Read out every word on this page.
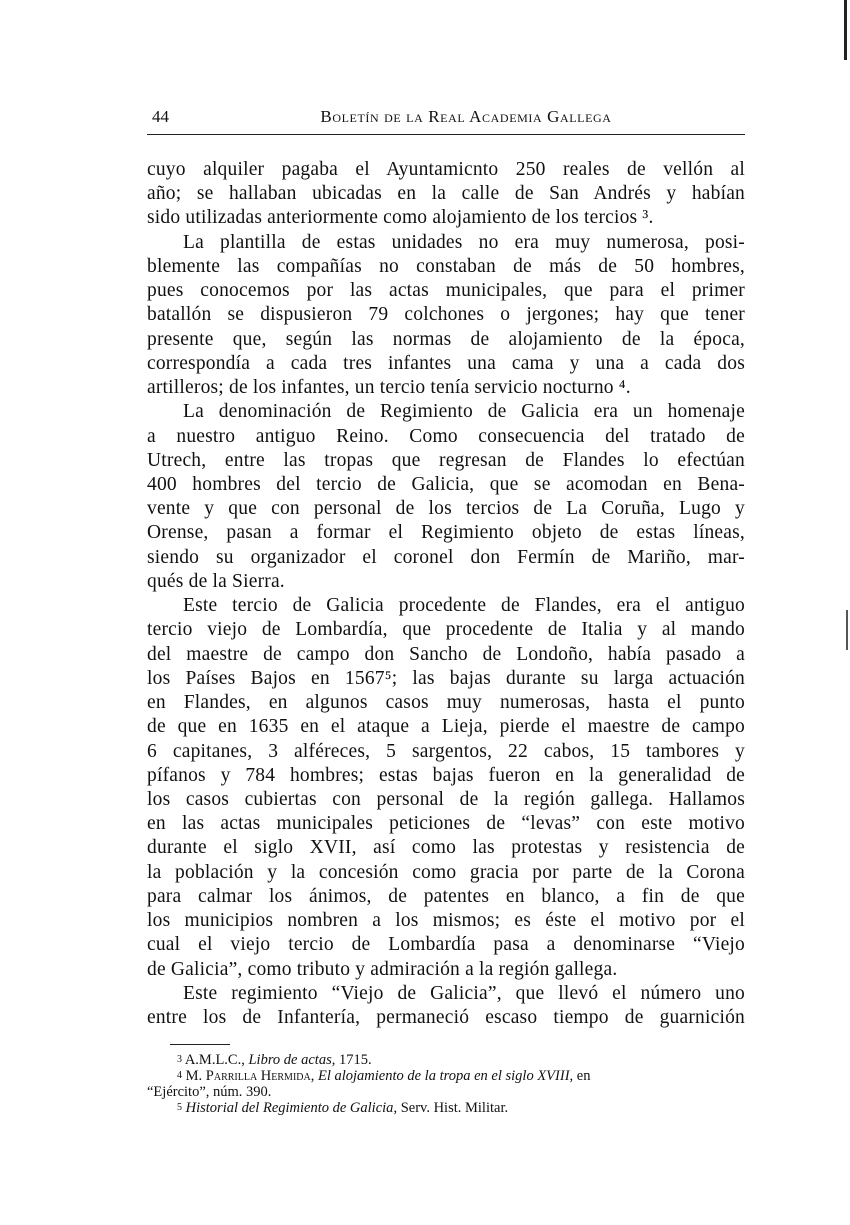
44	Boletín de la Real Academia Gallega
cuyo alquiler pagaba el Ayuntamicnto 250 reales de vellón al
año; se hallaban ubicadas en la calle de San Andrés y habían
sido utilizadas anteriormente como alojamiento de los tercios ³.
La plantilla de estas unidades no era muy numerosa, posi-
blemente las compañías no constaban de más de 50 hombres,
pues conocemos por las actas municipales, que para el primer
batallón se dispusieron 79 colchones o jergones; hay que tener
presente que, según las normas de alojamiento de la época,
correspondía a cada tres infantes una cama y una a cada dos
artilleros; de los infantes, un tercio tenía servicio nocturno ⁴.
La denominación de Regimiento de Galicia era un homenaje
a nuestro antiguo Reino. Como consecuencia del tratado de
Utrech, entre las tropas que regresan de Flandes lo efectúan
400 hombres del tercio de Galicia, que se acomodan en Bena-
vente y que con personal de los tercios de La Coruña, Lugo y
Orense, pasan a formar el Regimiento objeto de estas líneas,
siendo su organizador el coronel don Fermín de Mariño, mar-
qués de la Sierra.
Este tercio de Galicia procedente de Flandes, era el antiguo
tercio viejo de Lombardía, que procedente de Italia y al mando
del maestre de campo don Sancho de Londoño, había pasado a
los Países Bajos en 1567⁵; las bajas durante su larga actuación
en Flandes, en algunos casos muy numerosas, hasta el punto
de que en 1635 en el ataque a Lieja, pierde el maestre de campo
6 capitanes, 3 alféreces, 5 sargentos, 22 cabos, 15 tambores y
pífanos y 784 hombres; estas bajas fueron en la generalidad de
los casos cubiertas con personal de la región gallega. Hallamos
en las actas municipales peticiones de “levas” con este motivo
durante el siglo XVII, así como las protestas y resistencia de
la población y la concesión como gracia por parte de la Corona
para calmar los ánimos, de patentes en blanco, a fin de que
los municipios nombren a los mismos; es éste el motivo por el
cual el viejo tercio de Lombardía pasa a denominarse “Viejo
de Galicia”, como tributo y admiración a la región gallega.
Este regimiento “Viejo de Galicia”, que llevó el número uno
entre los de Infantería, permaneció escaso tiempo de guarnición
$^3$ A.M.L.C., Libro de actas, 1715.
$^4$ M. Parrilla Hermida, El alojamiento de la tropa en el siglo XVIII, en
“Ejército”, núm. 390.
$^5$ Historial del Regimiento de Galicia, Serv. Hist. Militar.
